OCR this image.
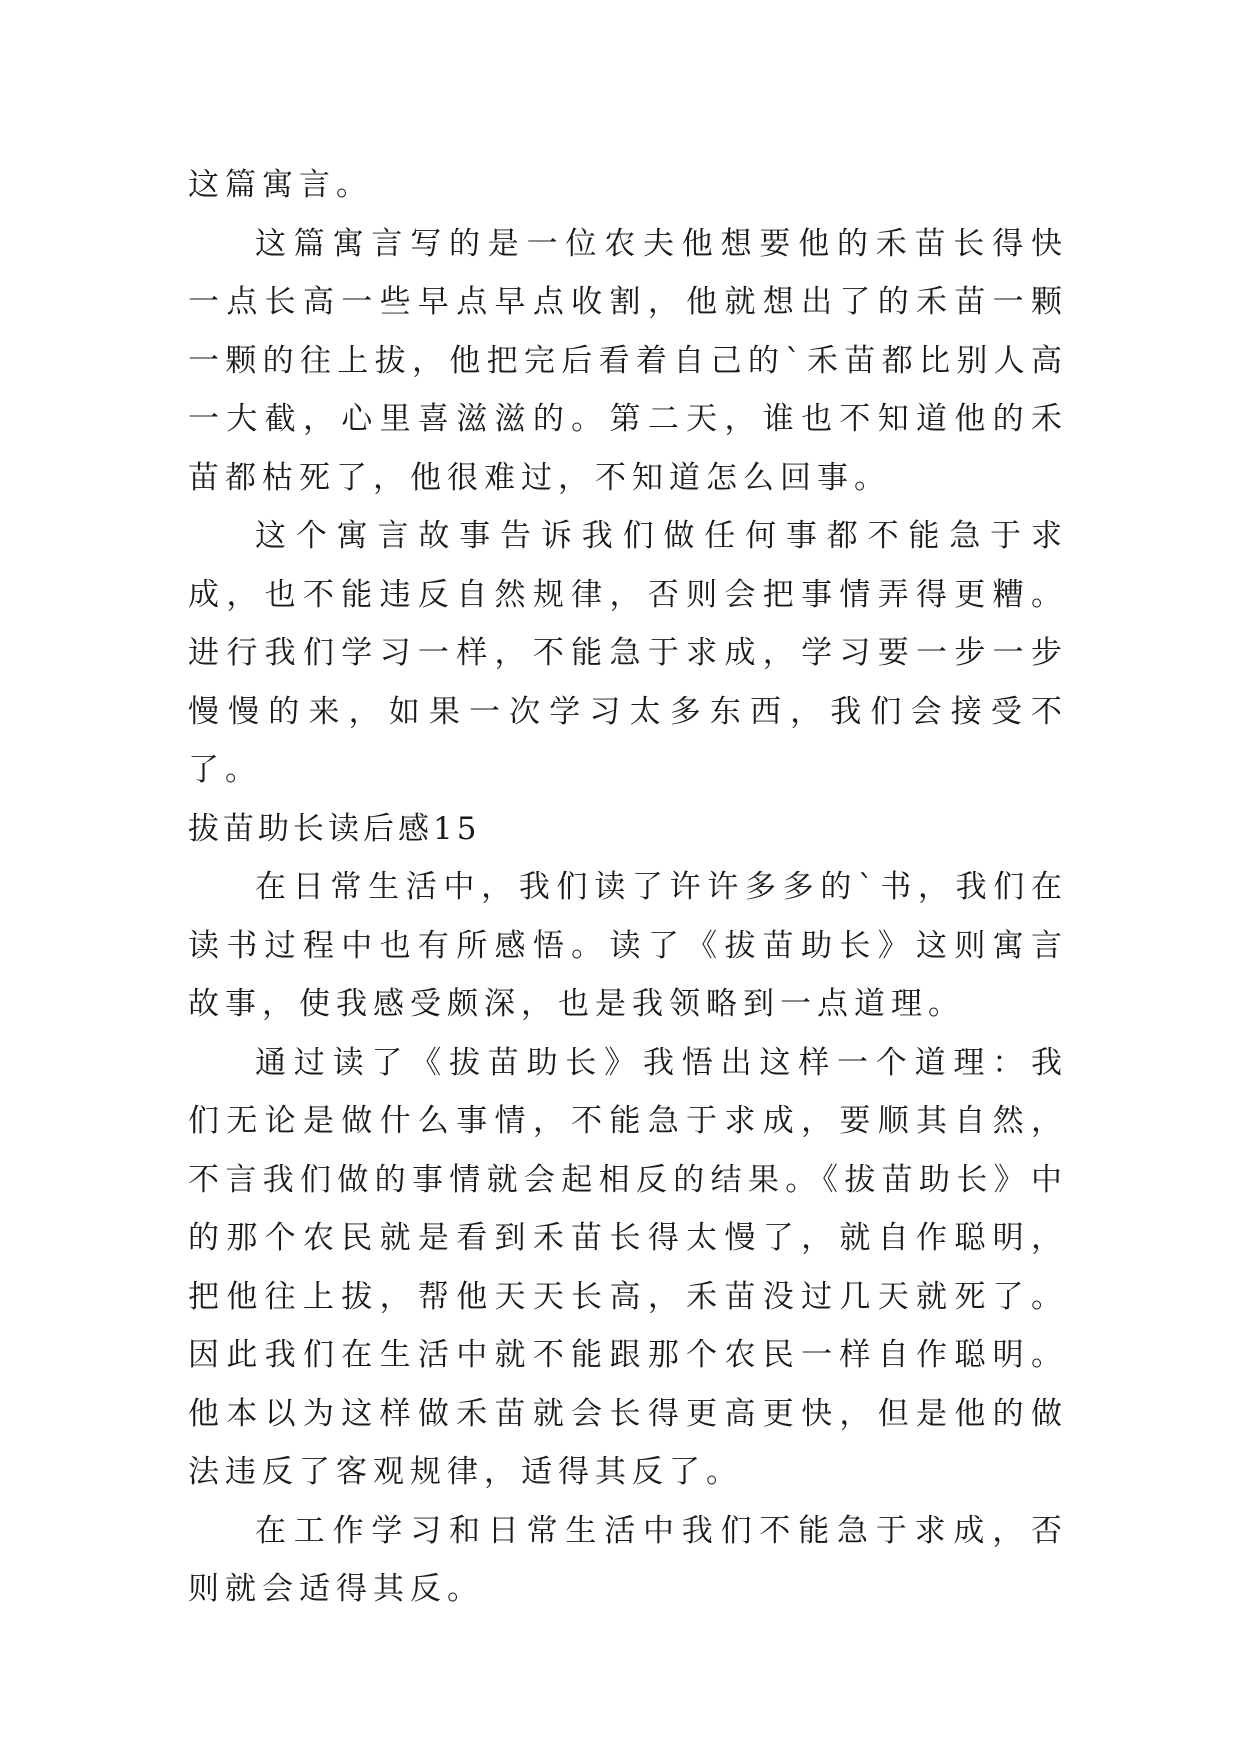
这篇寓言。

这篇寓言写的是一位农夫他想要他的禾苗长得快一点长高一些早点早点收割，他就想出了的禾苗一颗一颗的往上拔，他把完后看着自己的`禾苗都比别人高一大截，心里喜滋滋的。第二天，谁也不知道他的禾苗都枯死了，他很难过，不知道怎么回事。

这个寓言故事告诉我们做任何事都不能急于求成，也不能违反自然规律，否则会把事情弄得更糟。进行我们学习一样，不能急于求成，学习要一步一步慢慢的来，如果一次学习太多东西，我们会接受不了。

拔苗助长读后感15

在日常生活中，我们读了许许多多的`书，我们在读书过程中也有所感悟。读了《拔苗助长》这则寓言故事，使我感受颇深，也是我领略到一点道理。

通过读了《拔苗助长》我悟出这样一个道理：我们无论是做什么事情，不能急于求成，要顺其自然，不言我们做的事情就会起相反的结果。《拔苗助长》中的那个农民就是看到禾苗长得太慢了，就自作聪明，把他往上拔，帮他天天长高，禾苗没过几天就死了。因此我们在生活中就不能跟那个农民一样自作聪明。他本以为这样做禾苗就会长得更高更快，但是他的做法违反了客观规律，适得其反了。

在工作学习和日常生活中我们不能急于求成，否则就会适得其反。
